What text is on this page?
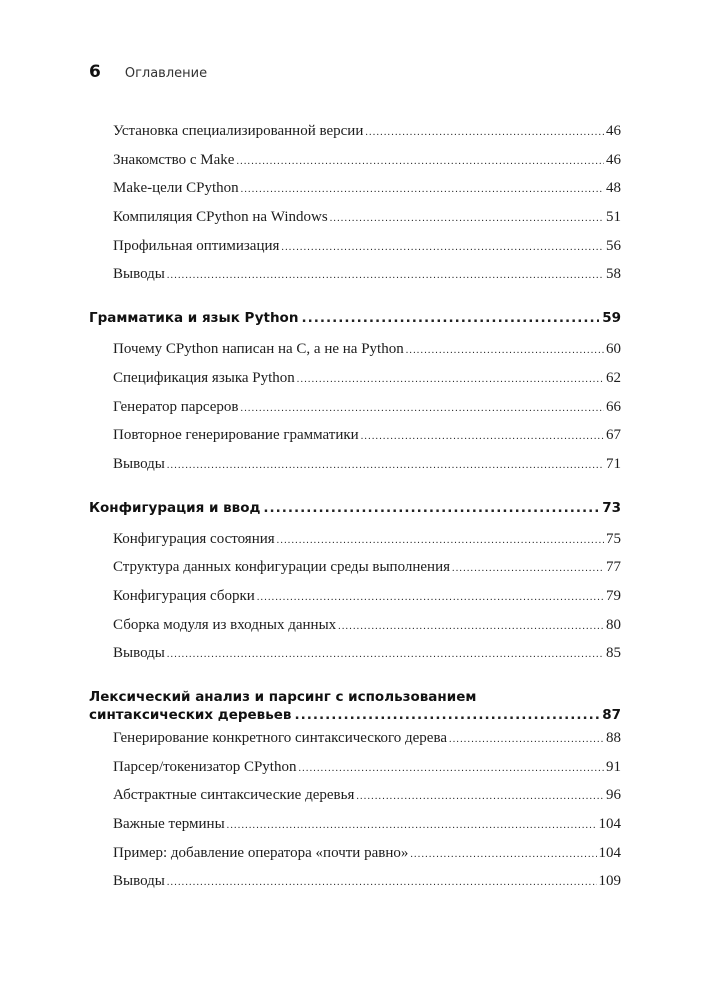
6 Оглавление
Установка специализированной версии .....	46
Знакомство с Make .....	46
Make-цели CPython .....	48
Компиляция CPython на Windows .....	51
Профильная оптимизация .....	56
Выводы .....	58
Грамматика и язык Python .....	59
Почему CPython написан на C, а не на Python .....	60
Спецификация языка Python .....	62
Генератор парсеров .....	66
Повторное генерирование грамматики .....	67
Выводы .....	71
Конфигурация и ввод .....	73
Конфигурация состояния .....	75
Структура данных конфигурации среды выполнения .....	77
Конфигурация сборки .....	79
Сборка модуля из входных данных .....	80
Выводы .....	85
Лексический анализ и парсинг с использованием
синтаксических деревьев .....	87
Генерирование конкретного синтаксического дерева .....	88
Парсер/токенизатор CPython .....	91
Абстрактные синтаксические деревья .....	96
Важные термины .....	104
Пример: добавление оператора «почти равно» .....	104
Выводы .....	109
